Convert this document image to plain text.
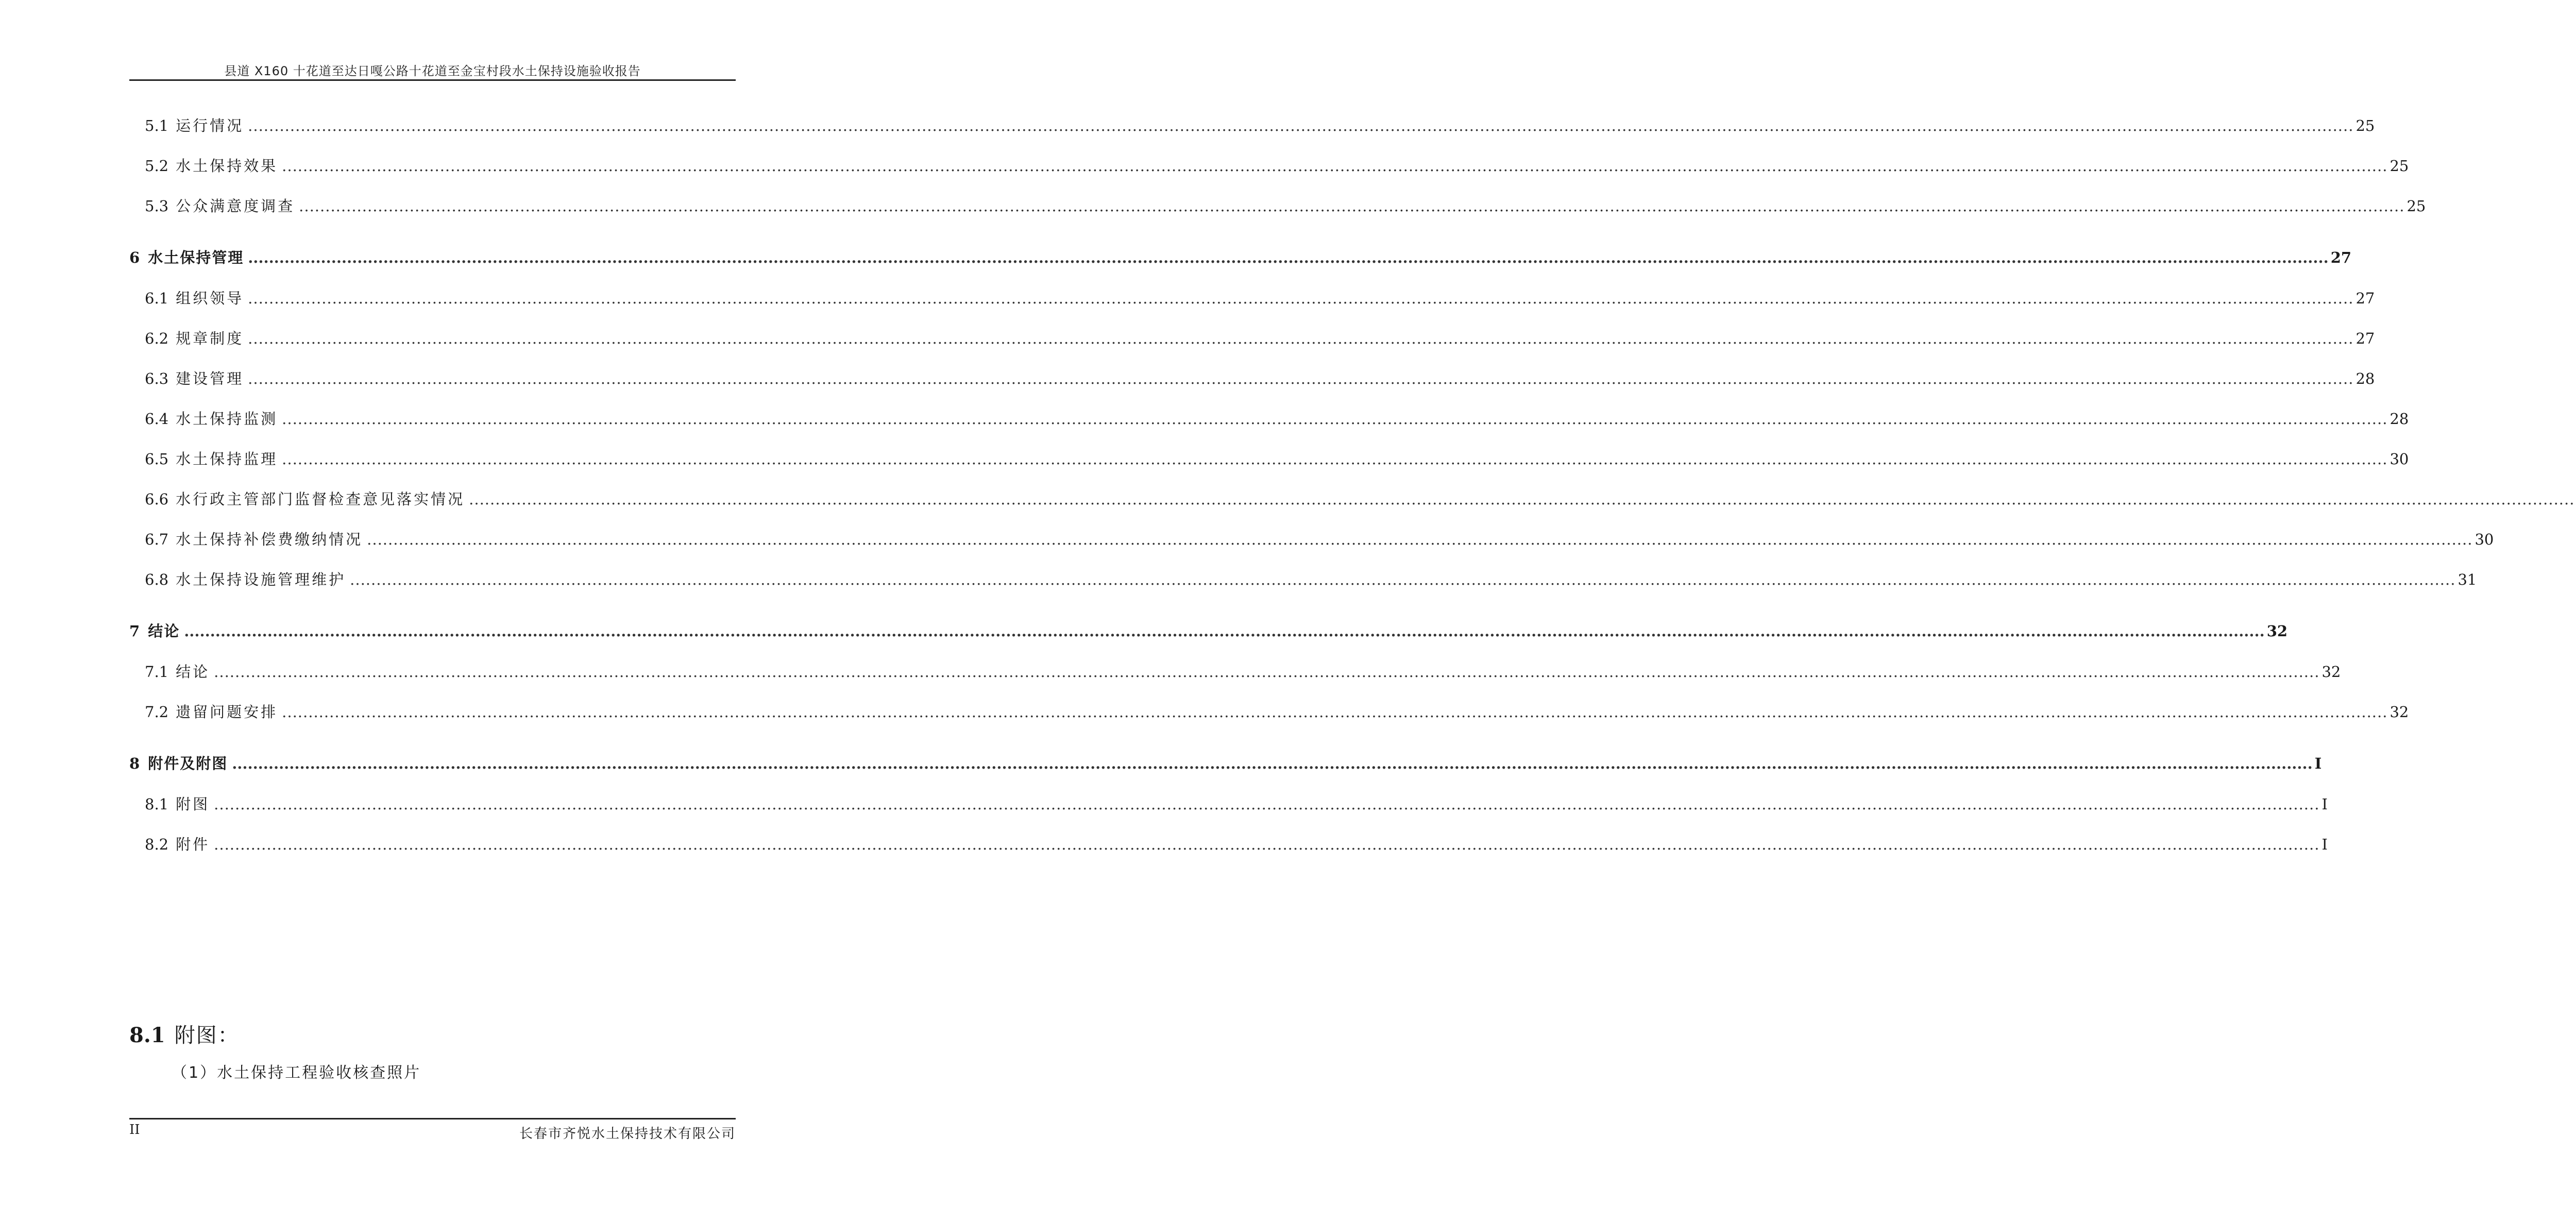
县道 X160 十花道至达日嘎公路十花道至金宝村段水土保持设施验收报告
5.1 运行情况 ................................................................................................................................................................................................................................................................................................................................................................................................................ 25
5.2 水土保持效果 ................................................................................................................................................................................................................................................................................................................................................................................................................ 25
5.3 公众满意度调查 ................................................................................................................................................................................................................................................................................................................................................................................................................ 25
6 水土保持管理 ................................................................................................................................................................................................................................................................................................................................................................................................................ 27
6.1 组织领导 ................................................................................................................................................................................................................................................................................................................................................................................................................ 27
6.2 规章制度 ................................................................................................................................................................................................................................................................................................................................................................................................................ 27
6.3 建设管理 ................................................................................................................................................................................................................................................................................................................................................................................................................ 28
6.4 水土保持监测 ................................................................................................................................................................................................................................................................................................................................................................................................................ 28
6.5 水土保持监理 ................................................................................................................................................................................................................................................................................................................................................................................................................ 30
6.6 水行政主管部门监督检查意见落实情况 ................................................................................................................................................................................................................................................................................................................................................................................................................
6.7 水土保持补偿费缴纳情况 ................................................................................................................................................................................................................................................................................................................................................................................................................ 30
6.8 水土保持设施管理维护 ................................................................................................................................................................................................................................................................................................................................................................................................................ 31
7 结论 ................................................................................................................................................................................................................................................................................................................................................................................................................ 32
7.1 结论 ................................................................................................................................................................................................................................................................................................................................................................................................................ 32
7.2 遗留问题安排 ................................................................................................................................................................................................................................................................................................................................................................................................................ 32
8 附件及附图 ................................................................................................................................................................................................................................................................................................................................................................................................................ I
8.1 附图 ................................................................................................................................................................................................................................................................................................................................................................................................................ I
8.2 附件 ................................................................................................................................................................................................................................................................................................................................................................................................................ I
8.1 附图：
（1）水土保持工程验收核查照片
II	长春市齐悦水土保持技术有限公司
